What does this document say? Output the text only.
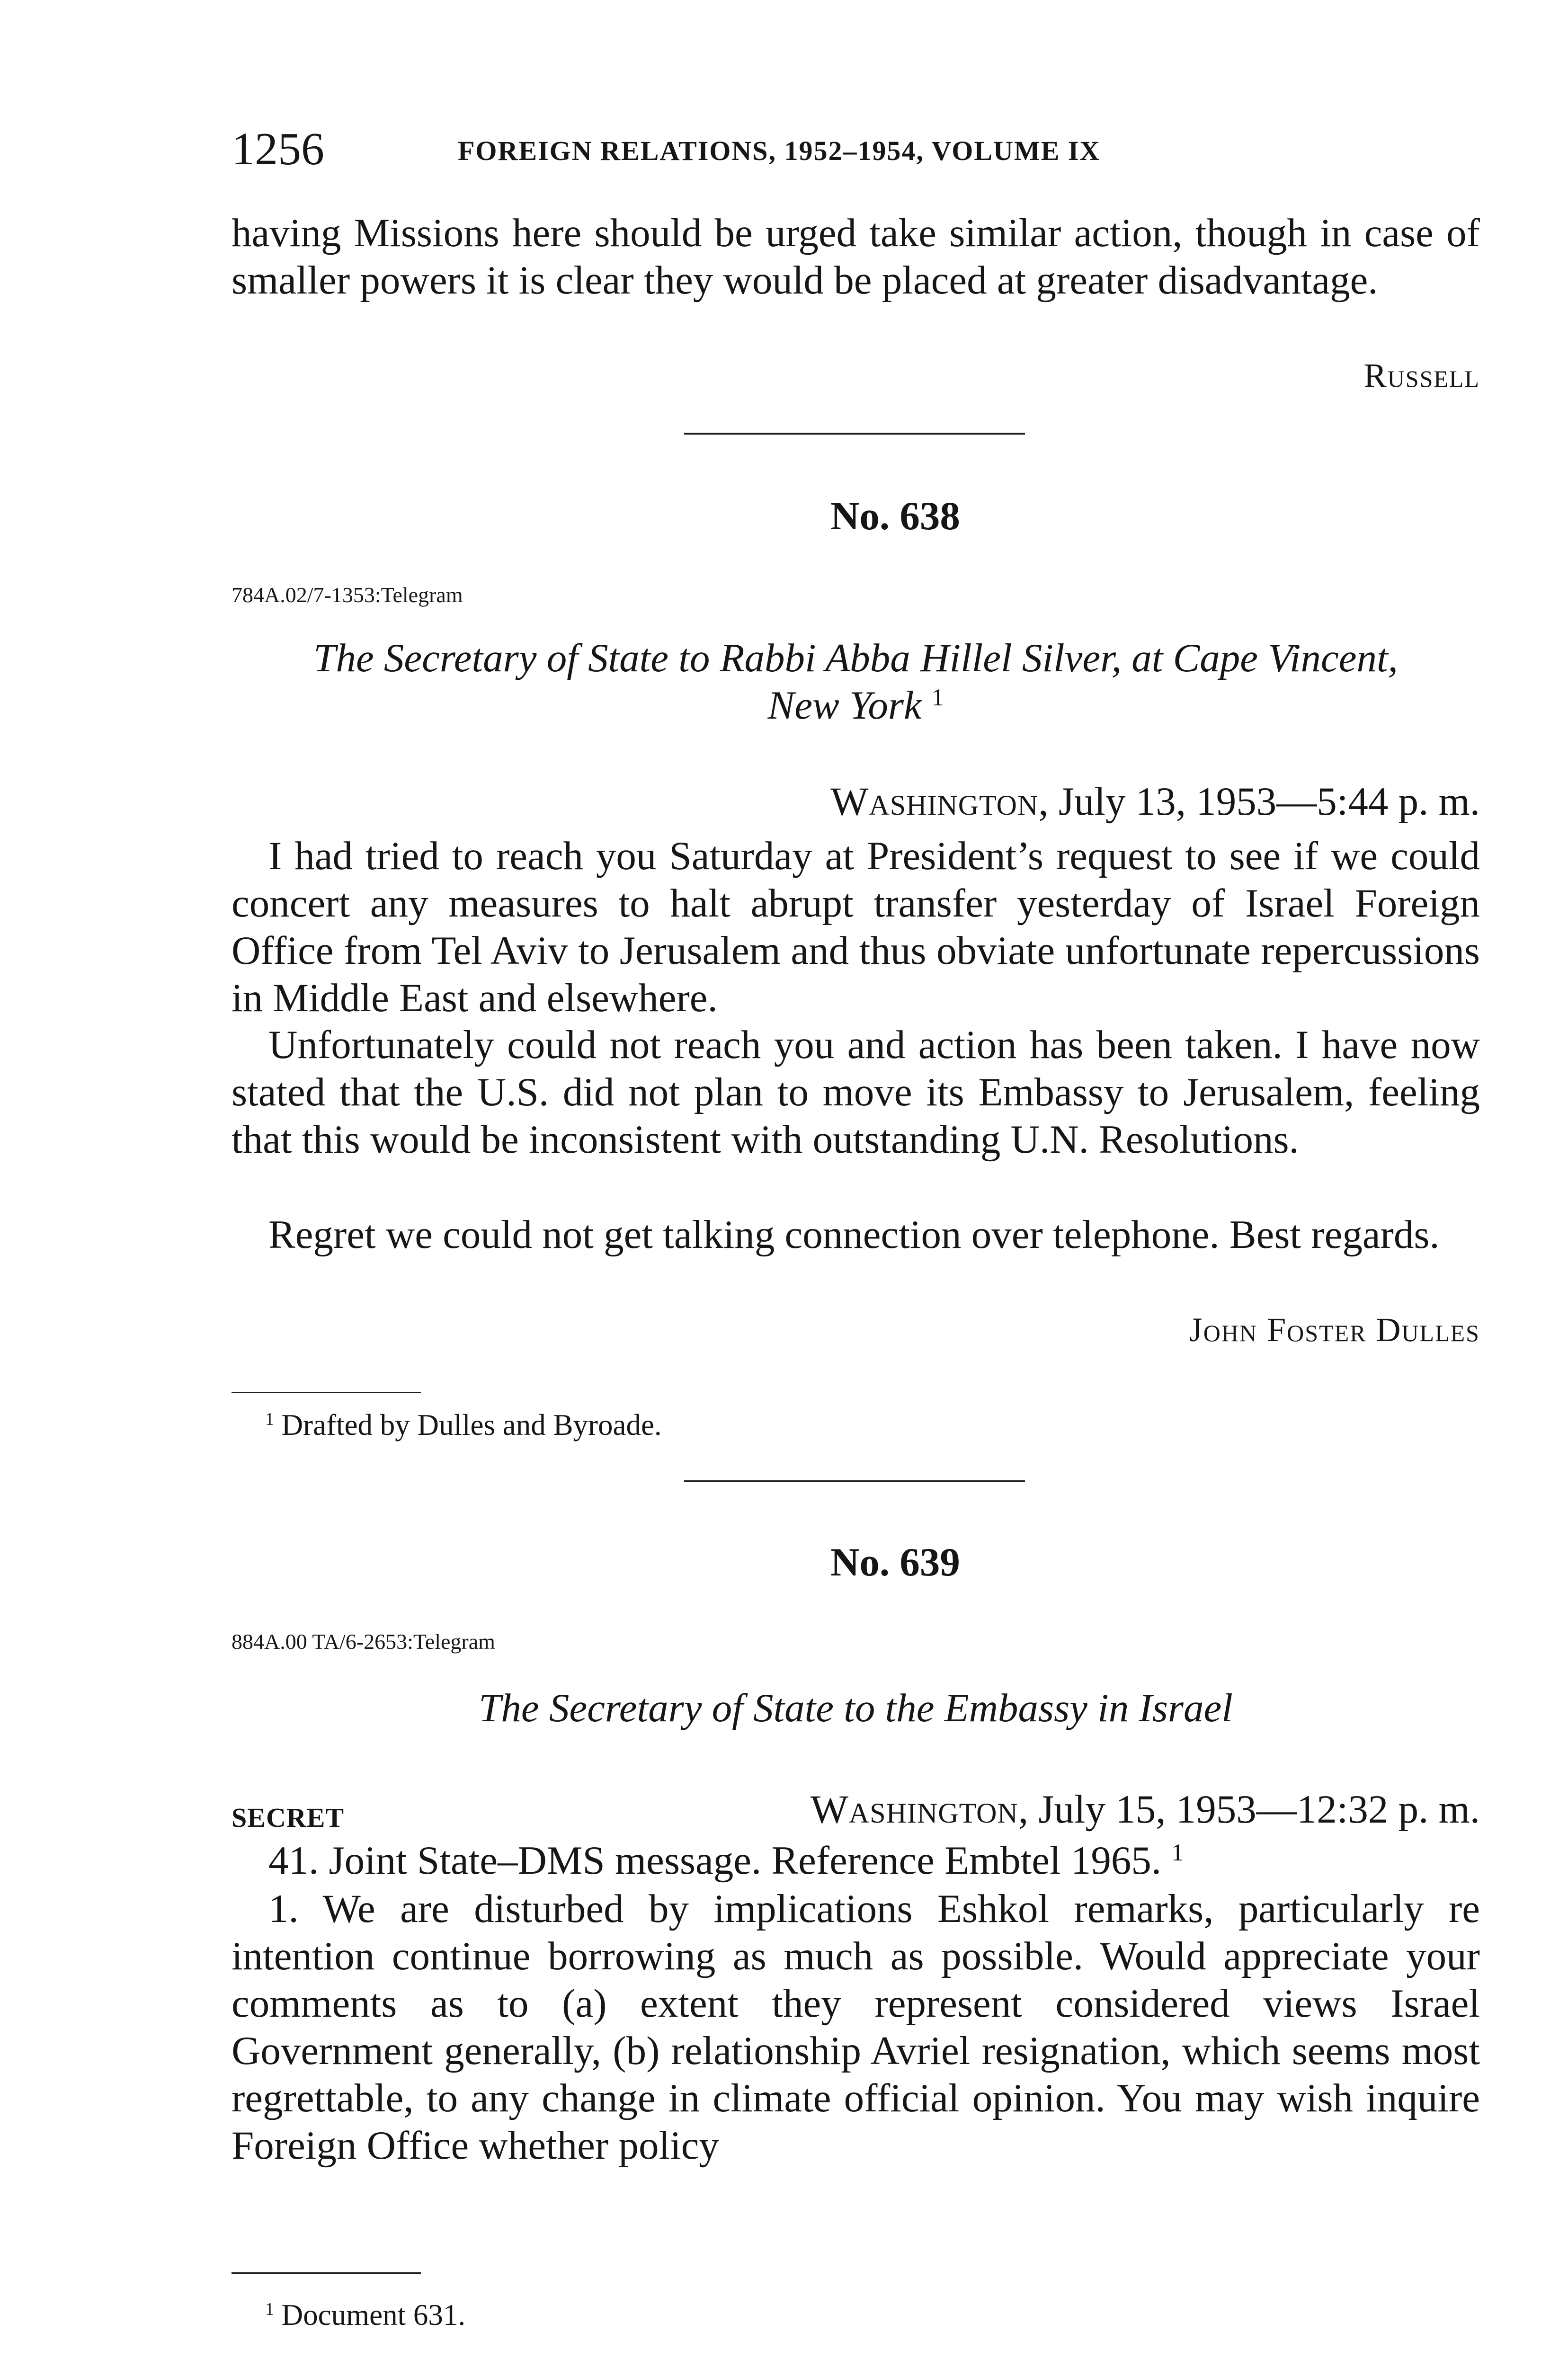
1256	FOREIGN RELATIONS, 1952–1954, VOLUME IX

having Missions here should be urged take similar action, though in case of smaller powers it is clear they would be placed at greater disadvantage.

Russell

No. 638

784A.02/7-1353:Telegram

The Secretary of State to Rabbi Abba Hillel Silver, at Cape Vincent,
New York $^1$

Washington, July 13, 1953—5:44 p. m.

I had tried to reach you Saturday at President’s request to see if we could concert any measures to halt abrupt transfer yesterday of Israel Foreign Office from Tel Aviv to Jerusalem and thus obviate unfortunate repercussions in Middle East and elsewhere.

Unfortunately could not reach you and action has been taken. I have now stated that the U.S. did not plan to move its Embassy to Jerusalem, feeling that this would be inconsistent with outstanding U.N. Resolutions.

Regret we could not get talking connection over telephone. Best regards.

John Foster Dulles

$^1$ Drafted by Dulles and Byroade.

No. 639

884A.00 TA/6-2653:Telegram

The Secretary of State to the Embassy in Israel

SECRET	Washington, July 15, 1953—12:32 p. m.

41. Joint State–DMS message. Reference Embtel 1965. $^1$

1. We are disturbed by implications Eshkol remarks, particularly re intention continue borrowing as much as possible. Would appreciate your comments as to (a) extent they represent considered views Israel Government generally, (b) relationship Avriel resignation, which seems most regrettable, to any change in climate official opinion. You may wish inquire Foreign Office whether policy

$^1$ Document 631.
